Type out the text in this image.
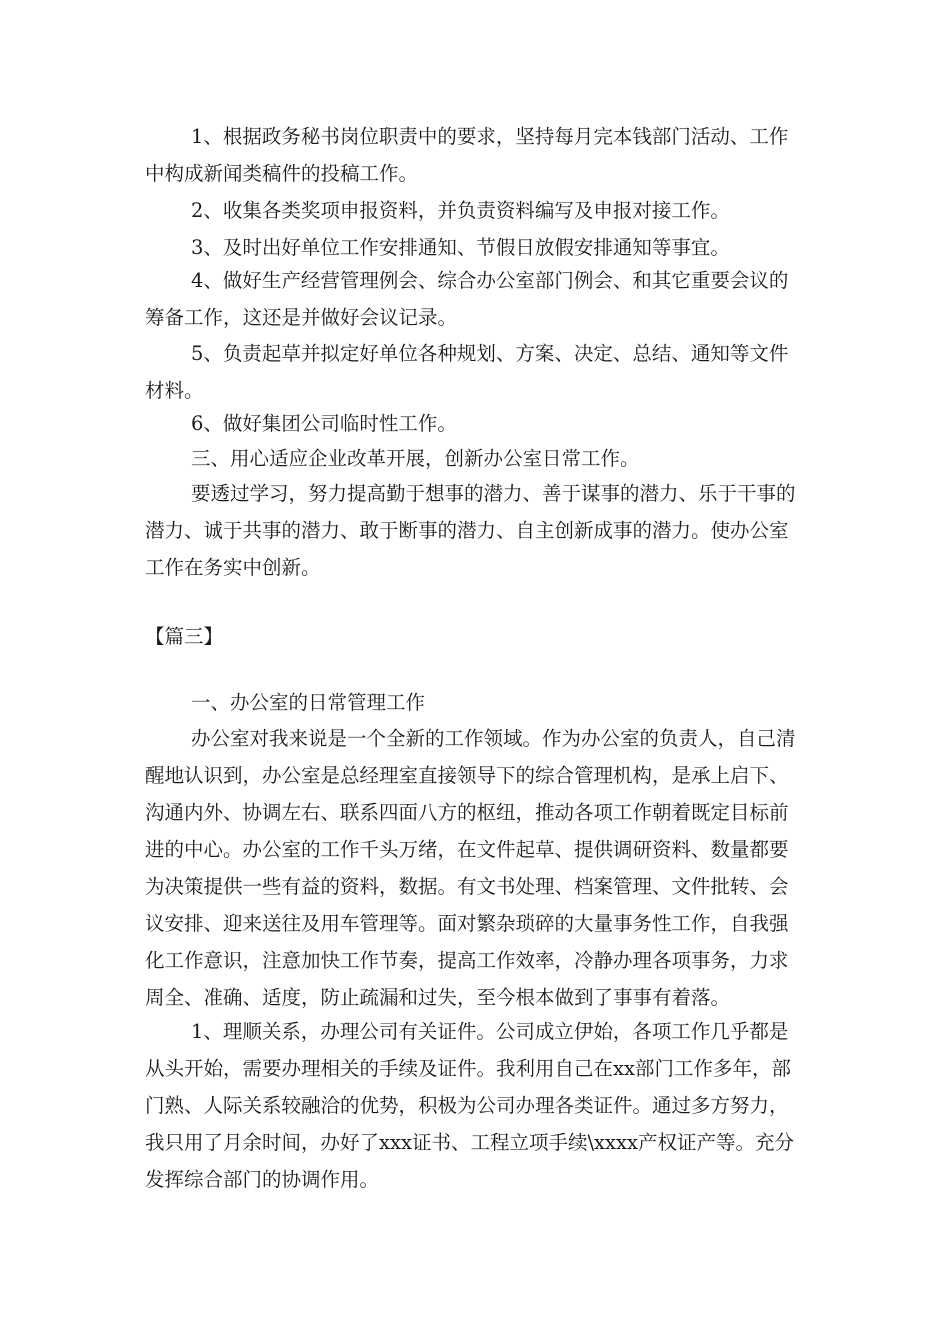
1、根据政务秘书岗位职责中的要求，坚持每月完本钱部门活动、工作中构成新闻类稿件的投稿工作。

2、收集各类奖项申报资料，并负责资料编写及申报对接工作。

3、及时出好单位工作安排通知、节假日放假安排通知等事宜。

4、做好生产经营管理例会、综合办公室部门例会、和其它重要会议的筹备工作，这还是并做好会议记录。

5、负责起草并拟定好单位各种规划、方案、决定、总结、通知等文件材料。

6、做好集团公司临时性工作。

三、用心适应企业改革开展，创新办公室日常工作。

要透过学习，努力提高勤于想事的潜力、善于谋事的潜力、乐于干事的潜力、诚于共事的潜力、敢于断事的潜力、自主创新成事的潜力。使办公室工作在务实中创新。

【篇三】

一、办公室的日常管理工作

办公室对我来说是一个全新的工作领域。作为办公室的负责人，自己清醒地认识到，办公室是总经理室直接领导下的综合管理机构，是承上启下、沟通内外、协调左右、联系四面八方的枢纽，推动各项工作朝着既定目标前进的中心。办公室的工作千头万绪，在文件起草、提供调研资料、数量都要为决策提供一些有益的资料，数据。有文书处理、档案管理、文件批转、会议安排、迎来送往及用车管理等。面对繁杂琐碎的大量事务性工作，自我强化工作意识，注意加快工作节奏，提高工作效率，冷静办理各项事务，力求周全、准确、适度，防止疏漏和过失，至今根本做到了事事有着落。

1、理顺关系，办理公司有关证件。公司成立伊始，各项工作几乎都是从头开始，需要办理相关的手续及证件。我利用自己在xx部门工作多年，部门熟、人际关系较融洽的优势，积极为公司办理各类证件。通过多方努力，我只用了月余时间，办好了xxx证书、工程立项手续\xxxx产权证产等。充分发挥综合部门的协调作用。
